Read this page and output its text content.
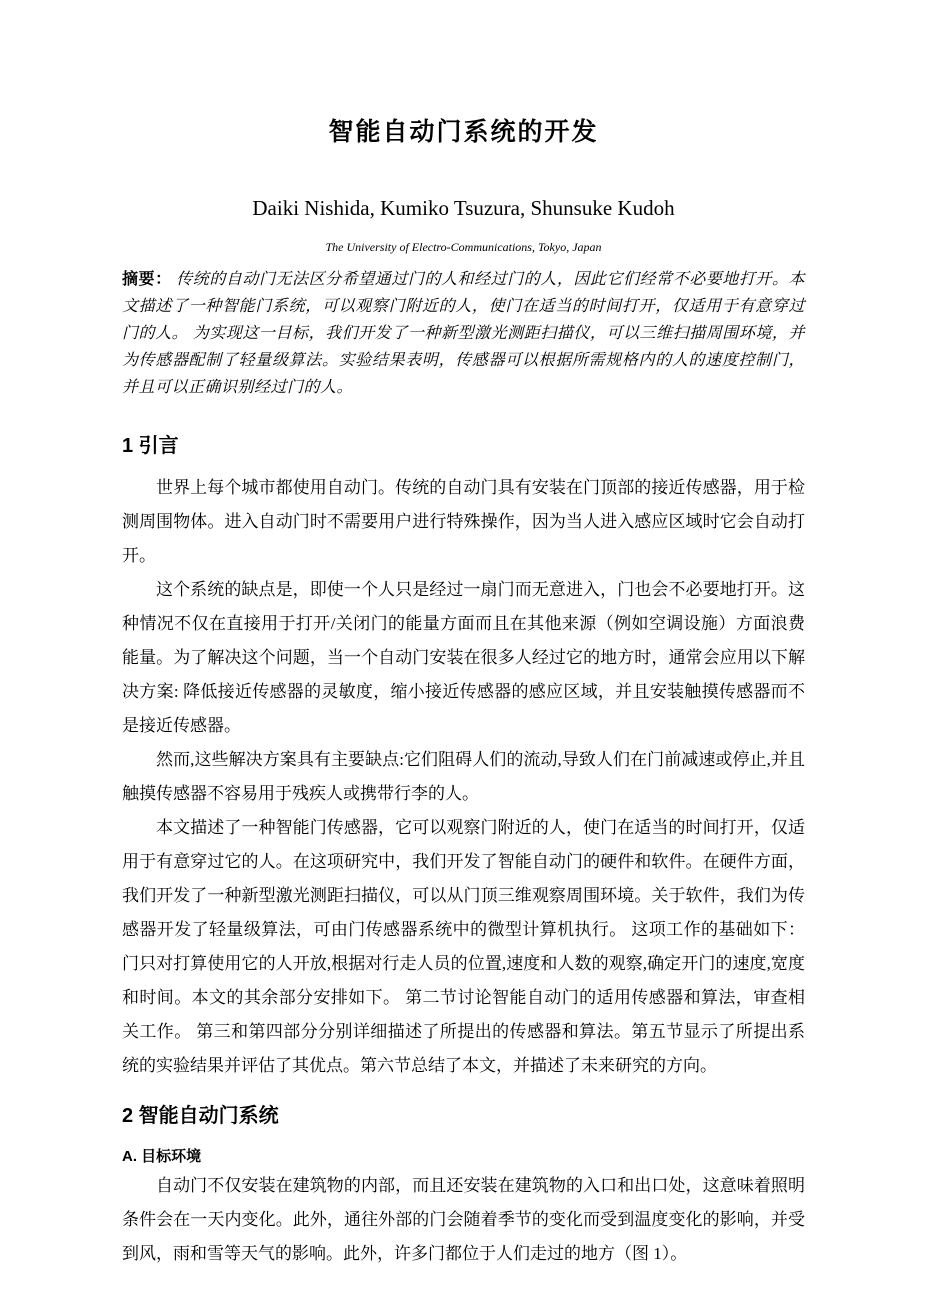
智能自动门系统的开发
Daiki Nishida, Kumiko Tsuzura, Shunsuke Kudoh
The University of Electro-Communications, Tokyo, Japan

摘要： 传统的自动门无法区分希望通过门的人和经过门的人，因此它们经常不必要地打开。本文描述了一种智能门系统，可以观察门附近的人，使门在适当的时间打开，仅适用于有意穿过门的人。 为实现这一目标，我们开发了一种新型激光测距扫描仪，可以三维扫描周围环境，并为传感器配制了轻量级算法。实验结果表明，传感器可以根据所需规格内的人的速度控制门，并且可以正确识别经过门的人。

1 引言

世界上每个城市都使用自动门。传统的自动门具有安装在门顶部的接近传感器，用于检测周围物体。进入自动门时不需要用户进行特殊操作，因为当人进入感应区域时它会自动打开。

这个系统的缺点是，即使一个人只是经过一扇门而无意进入，门也会不必要地打开。这种情况不仅在直接用于打开/关闭门的能量方面而且在其他来源（例如空调设施）方面浪费能量。为了解决这个问题，当一个自动门安装在很多人经过它的地方时，通常会应用以下解决方案: 降低接近传感器的灵敏度，缩小接近传感器的感应区域，并且安装触摸传感器而不是接近传感器。

然而,这些解决方案具有主要缺点:它们阻碍人们的流动,导致人们在门前减速或停止,并且触摸传感器不容易用于残疾人或携带行李的人。

本文描述了一种智能门传感器，它可以观察门附近的人，使门在适当的时间打开，仅适用于有意穿过它的人。在这项研究中，我们开发了智能自动门的硬件和软件。在硬件方面，我们开发了一种新型激光测距扫描仪，可以从门顶三维观察周围环境。关于软件，我们为传感器开发了轻量级算法，可由门传感器系统中的微型计算机执行。 这项工作的基础如下：门只对打算使用它的人开放,根据对行走人员的位置,速度和人数的观察,确定开门的速度,宽度和时间。本文的其余部分安排如下。 第二节讨论智能自动门的适用传感器和算法，审查相关工作。 第三和第四部分分别详细描述了所提出的传感器和算法。第五节显示了所提出系统的实验结果并评估了其优点。第六节总结了本文，并描述了未来研究的方向。

2 智能自动门系统
A. 目标环境

自动门不仅安装在建筑物的内部，而且还安装在建筑物的入口和出口处，这意味着照明条件会在一天内变化。此外，通往外部的门会随着季节的变化而受到温度变化的影响，并受到风，雨和雪等天气的影响。此外，许多门都位于人们走过的地方（图 1）。
